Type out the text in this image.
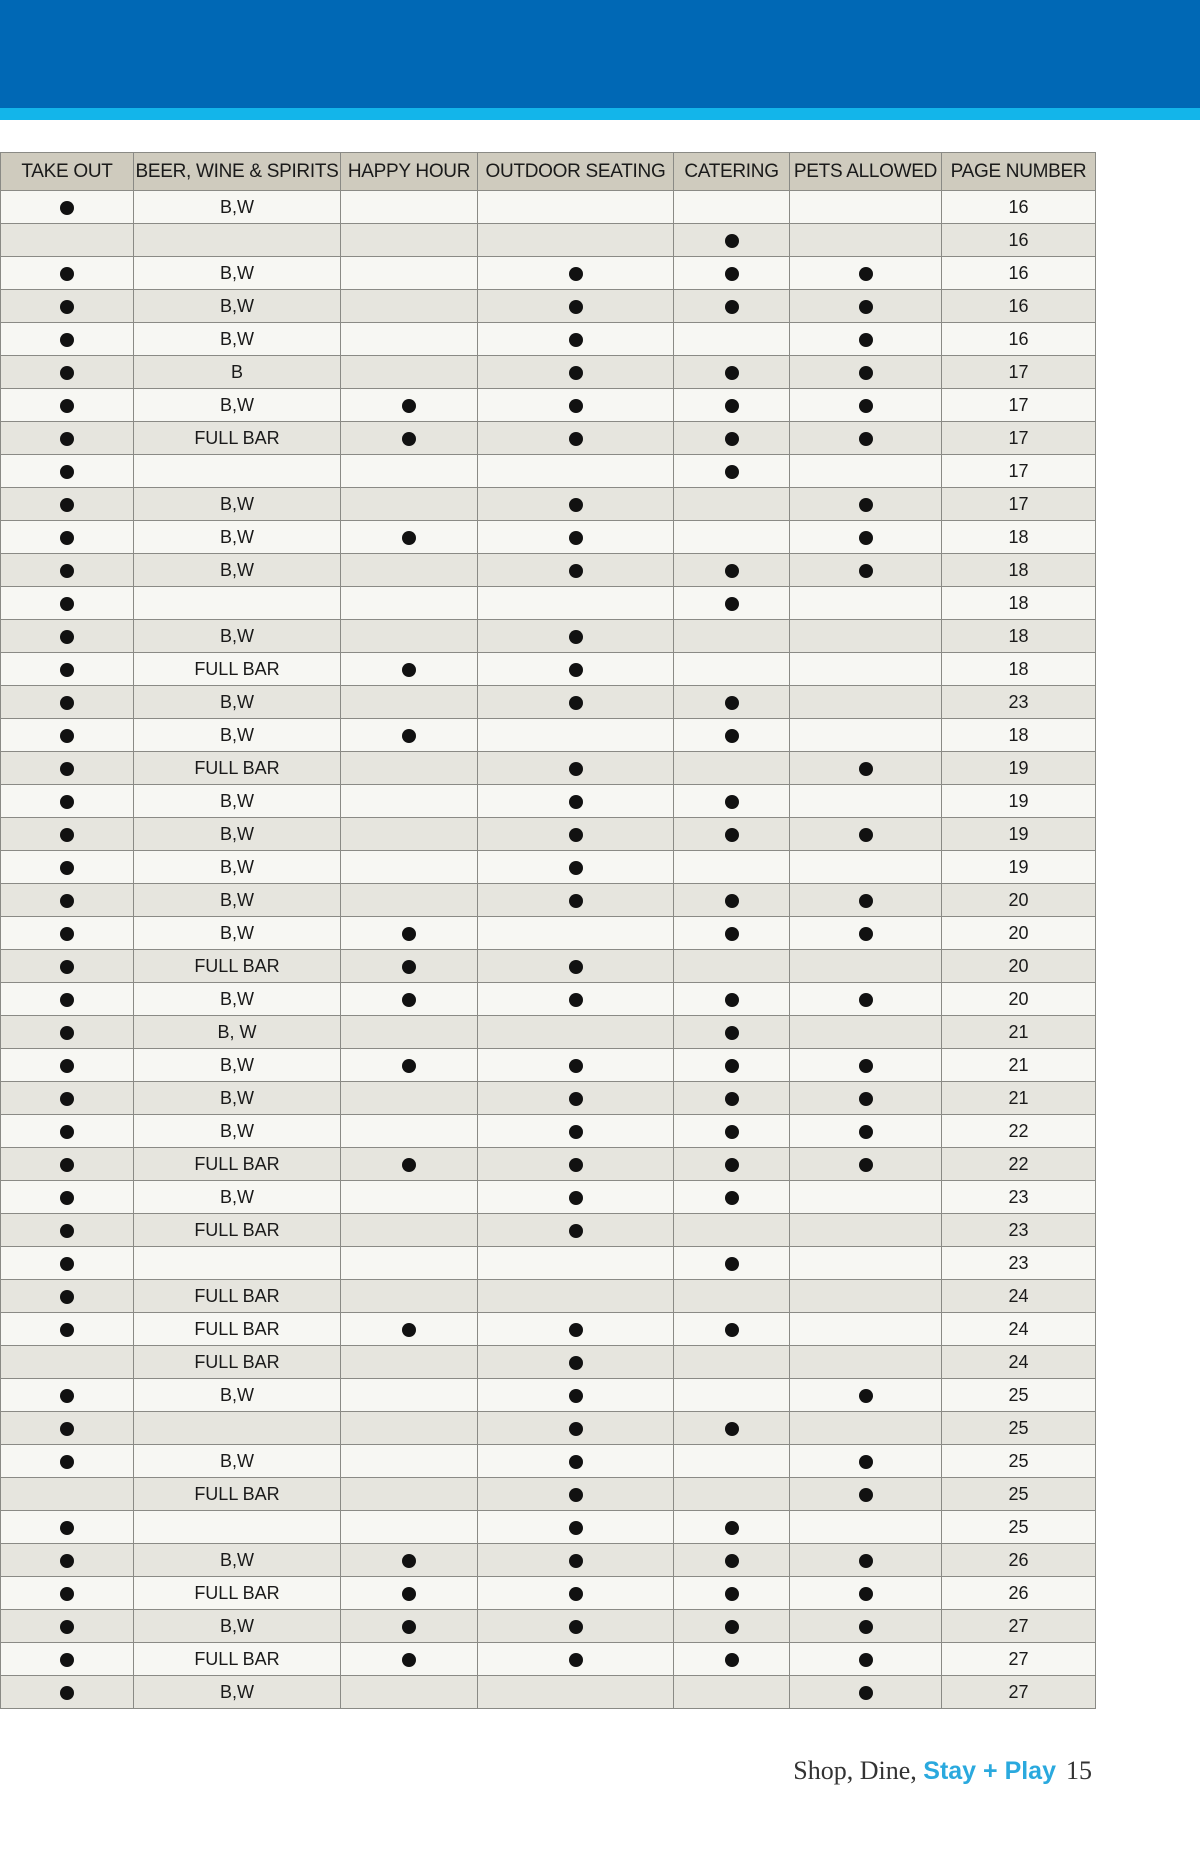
TAKE OUT	BEER, WINE & SPIRITS	HAPPY HOUR	OUTDOOR SEATING	CATERING	PETS ALLOWED	PAGE NUMBER
	B,W					16
						16
	B,W					16
	B,W					16
	B,W					16
	B					17
	B,W					17
	FULL BAR					17
						17
	B,W					17
	B,W					18
	B,W					18
						18
	B,W					18
	FULL BAR					18
	B,W					23
	B,W					18
	FULL BAR					19
	B,W					19
	B,W					19
	B,W					19
	B,W					20
	B,W					20
	FULL BAR					20
	B,W					20
	B, W					21
	B,W					21
	B,W					21
	B,W					22
	FULL BAR					22
	B,W					23
	FULL BAR					23
						23
	FULL BAR					24
	FULL BAR					24
	FULL BAR					24
	B,W					25
						25
	B,W					25
	FULL BAR					25
						25
	B,W					26
	FULL BAR					26
	B,W					27
	FULL BAR					27
	B,W					27
Shop, Dine, Stay + Play 15
